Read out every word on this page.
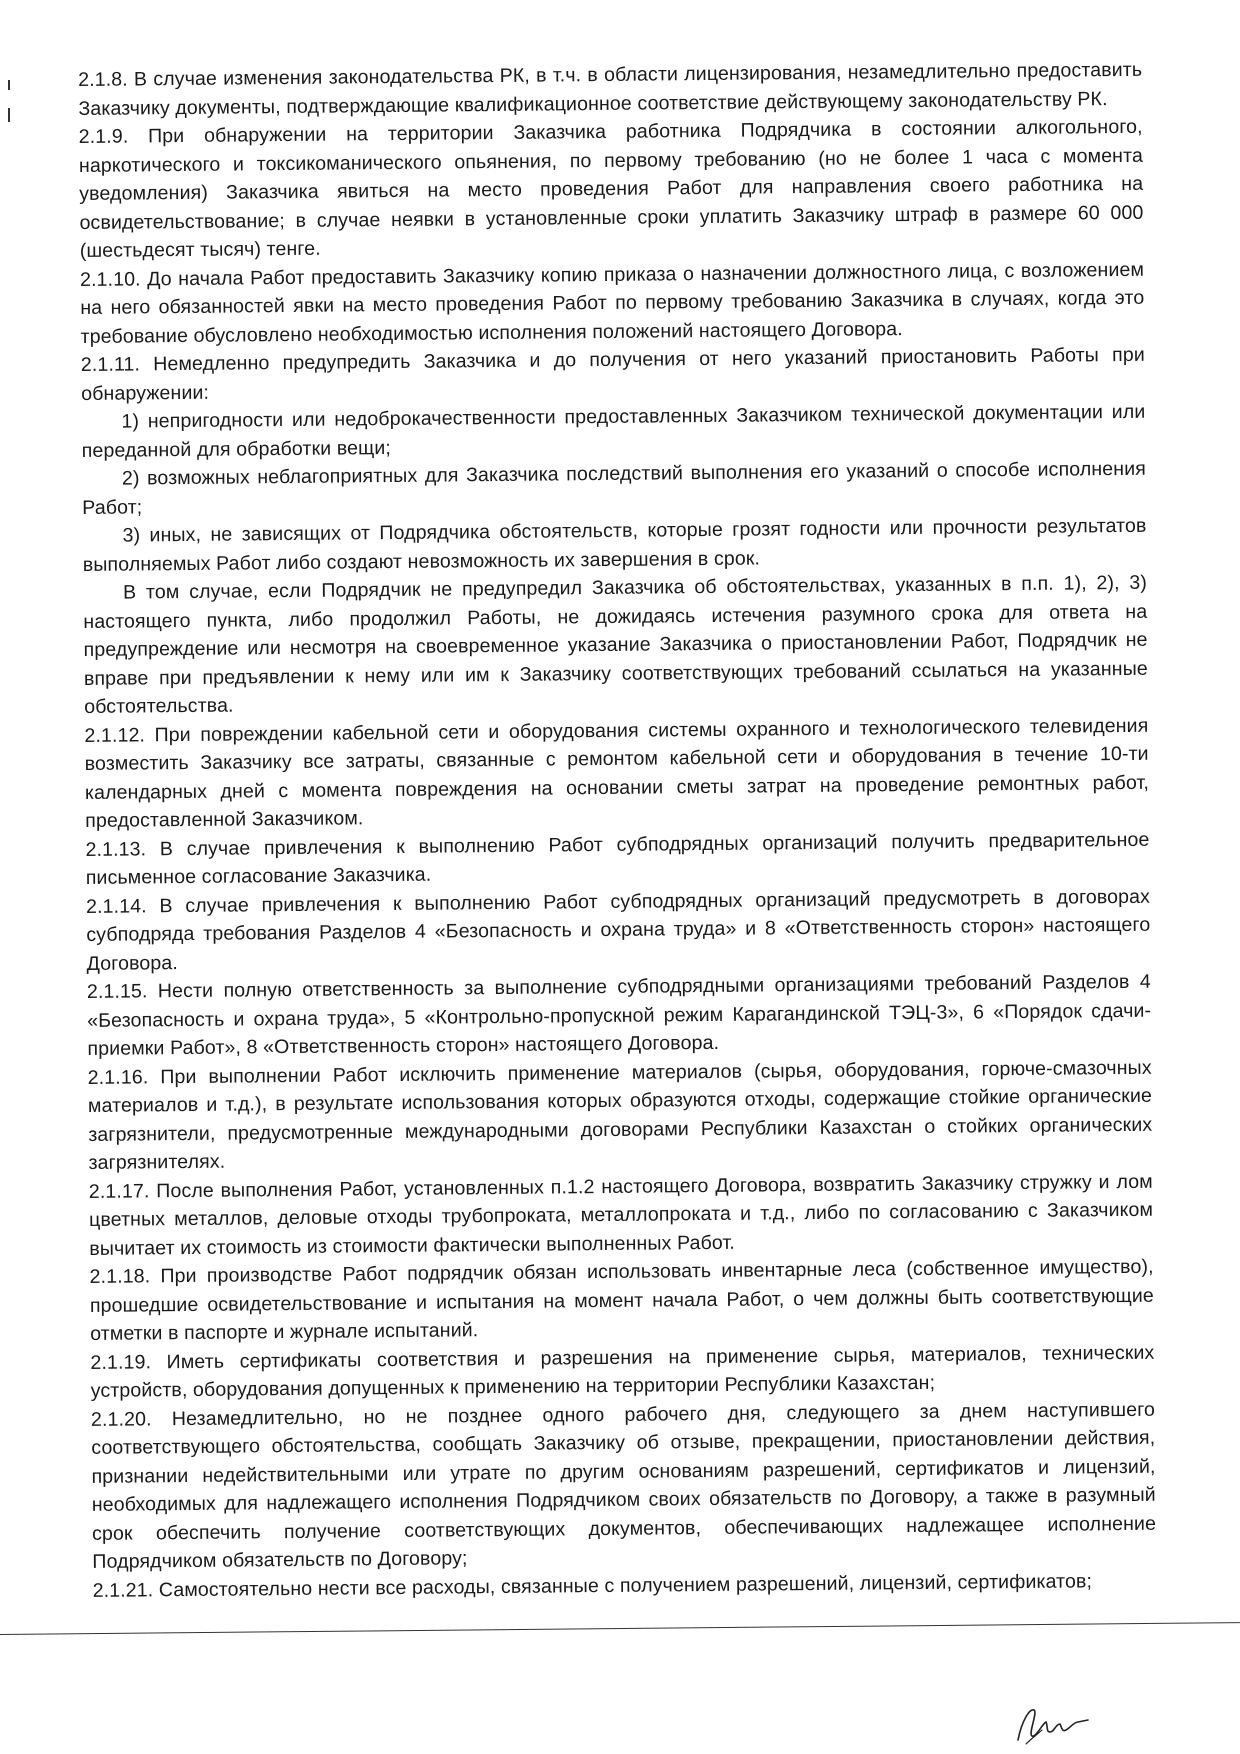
2.1.8. В случае изменения законодательства РК, в т.ч. в области лицензирования, незамедлительно предоставить Заказчику документы, подтверждающие квалификационное соответствие действующему законодательству РК.

2.1.9. При обнаружении на территории Заказчика работника Подрядчика в состоянии алкогольного, наркотического и токсикоманического опьянения, по первому требованию (но не более 1 часа с момента уведомления) Заказчика явиться на место проведения Работ для направления своего работника на освидетельствование; в случае неявки в установленные сроки уплатить Заказчику штраф в размере 60 000 (шестьдесят тысяч) тенге.

2.1.10. До начала Работ предоставить Заказчику копию приказа о назначении должностного лица, с возложением на него обязанностей явки на место проведения Работ по первому требованию Заказчика в случаях, когда это требование обусловлено необходимостью исполнения положений настоящего Договора.

2.1.11. Немедленно предупредить Заказчика и до получения от него указаний приостановить Работы при обнаружении:

1) непригодности или недоброкачественности предоставленных Заказчиком технической документации или переданной для обработки вещи;

2) возможных неблагоприятных для Заказчика последствий выполнения его указаний о способе исполнения Работ;

3) иных, не зависящих от Подрядчика обстоятельств, которые грозят годности или прочности результатов выполняемых Работ либо создают невозможность их завершения в срок.

В том случае, если Подрядчик не предупредил Заказчика об обстоятельствах, указанных в п.п. 1), 2), 3) настоящего пункта, либо продолжил Работы, не дожидаясь истечения разумного срока для ответа на предупреждение или несмотря на своевременное указание Заказчика о приостановлении Работ, Подрядчик не вправе при предъявлении к нему или им к Заказчику соответствующих требований ссылаться на указанные обстоятельства.

2.1.12. При повреждении кабельной сети и оборудования системы охранного и технологического телевидения возместить Заказчику все затраты, связанные с ремонтом кабельной сети и оборудования в течение 10-ти календарных дней с момента повреждения на основании сметы затрат на проведение ремонтных работ, предоставленной Заказчиком.

2.1.13. В случае привлечения к выполнению Работ субподрядных организаций получить предварительное письменное согласование Заказчика.

2.1.14. В случае привлечения к выполнению Работ субподрядных организаций предусмотреть в договорах субподряда требования Разделов 4 «Безопасность и охрана труда» и 8 «Ответственность сторон» настоящего Договора.

2.1.15. Нести полную ответственность за выполнение субподрядными организациями требований Разделов 4 «Безопасность и охрана труда», 5 «Контрольно-пропускной режим Карагандинской ТЭЦ-3», 6 «Порядок сдачи-приемки Работ», 8 «Ответственность сторон» настоящего Договора.

2.1.16. При выполнении Работ исключить применение материалов (сырья, оборудования, горюче-смазочных материалов и т.д.), в результате использования которых образуются отходы, содержащие стойкие органические загрязнители, предусмотренные международными договорами Республики Казахстан о стойких органических загрязнителях.

2.1.17. После выполнения Работ, установленных п.1.2 настоящего Договора, возвратить Заказчику стружку и лом цветных металлов, деловые отходы трубопроката, металлопроката и т.д., либо по согласованию с Заказчиком вычитает их стоимость из стоимости фактически выполненных Работ.

2.1.18. При производстве Работ подрядчик обязан использовать инвентарные леса (собственное имущество), прошедшие освидетельствование и испытания на момент начала Работ, о чем должны быть соответствующие отметки в паспорте и журнале испытаний.

2.1.19. Иметь сертификаты соответствия и разрешения на применение сырья, материалов, технических устройств, оборудования допущенных к применению на территории Республики Казахстан;

2.1.20. Незамедлительно, но не позднее одного рабочего дня, следующего за днем наступившего соответствующего обстоятельства, сообщать Заказчику об отзыве, прекращении, приостановлении действия, признании недействительными или утрате по другим основаниям разрешений, сертификатов и лицензий, необходимых для надлежащего исполнения Подрядчиком своих обязательств по Договору, а также в разумный срок обеспечить получение соответствующих документов, обеспечивающих надлежащее исполнение Подрядчиком обязательств по Договору;

2.1.21. Самостоятельно нести все расходы, связанные с получением разрешений, лицензий, сертификатов;
